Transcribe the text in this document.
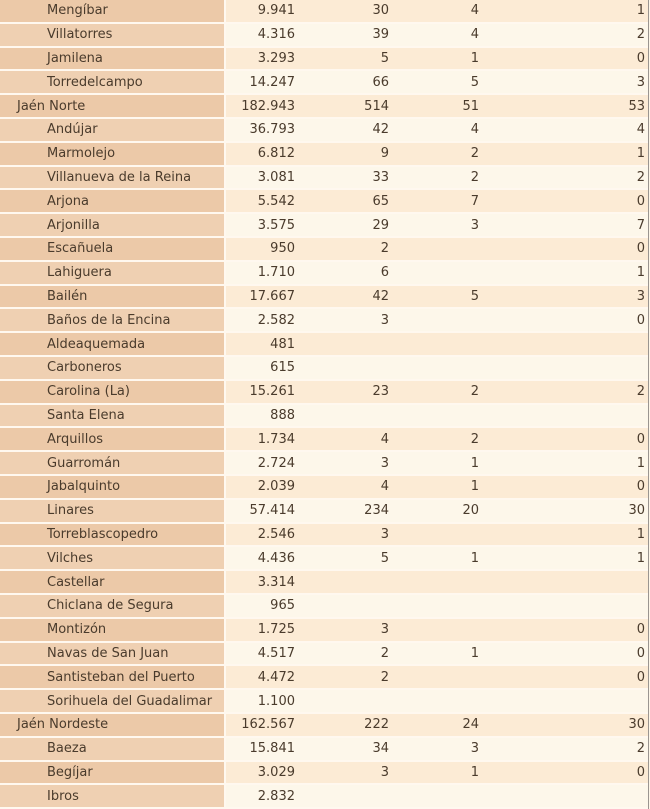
Mengíbar	9.941	30	4	1
Villatorres	4.316	39	4	2
Jamilena	3.293	5	1	0
Torredelcampo	14.247	66	5	3
Jaén Norte	182.943	514	51	53
Andújar	36.793	42	4	4
Marmolejo	6.812	9	2	1
Villanueva de la Reina	3.081	33	2	2
Arjona	5.542	65	7	0
Arjonilla	3.575	29	3	7
Escañuela	950	2		0
Lahiguera	1.710	6		1
Bailén	17.667	42	5	3
Baños de la Encina	2.582	3		0
Aldeaquemada	481			
Carboneros	615			
Carolina (La)	15.261	23	2	2
Santa Elena	888			
Arquillos	1.734	4	2	0
Guarromán	2.724	3	1	1
Jabalquinto	2.039	4	1	0
Linares	57.414	234	20	30
Torreblascopedro	2.546	3		1
Vilches	4.436	5	1	1
Castellar	3.314			
Chiclana de Segura	965			
Montizón	1.725	3		0
Navas de San Juan	4.517	2	1	0
Santisteban del Puerto	4.472	2		0
Sorihuela del Guadalimar	1.100			
Jaén Nordeste	162.567	222	24	30
Baeza	15.841	34	3	2
Begíjar	3.029	3	1	0
Ibros	2.832			
